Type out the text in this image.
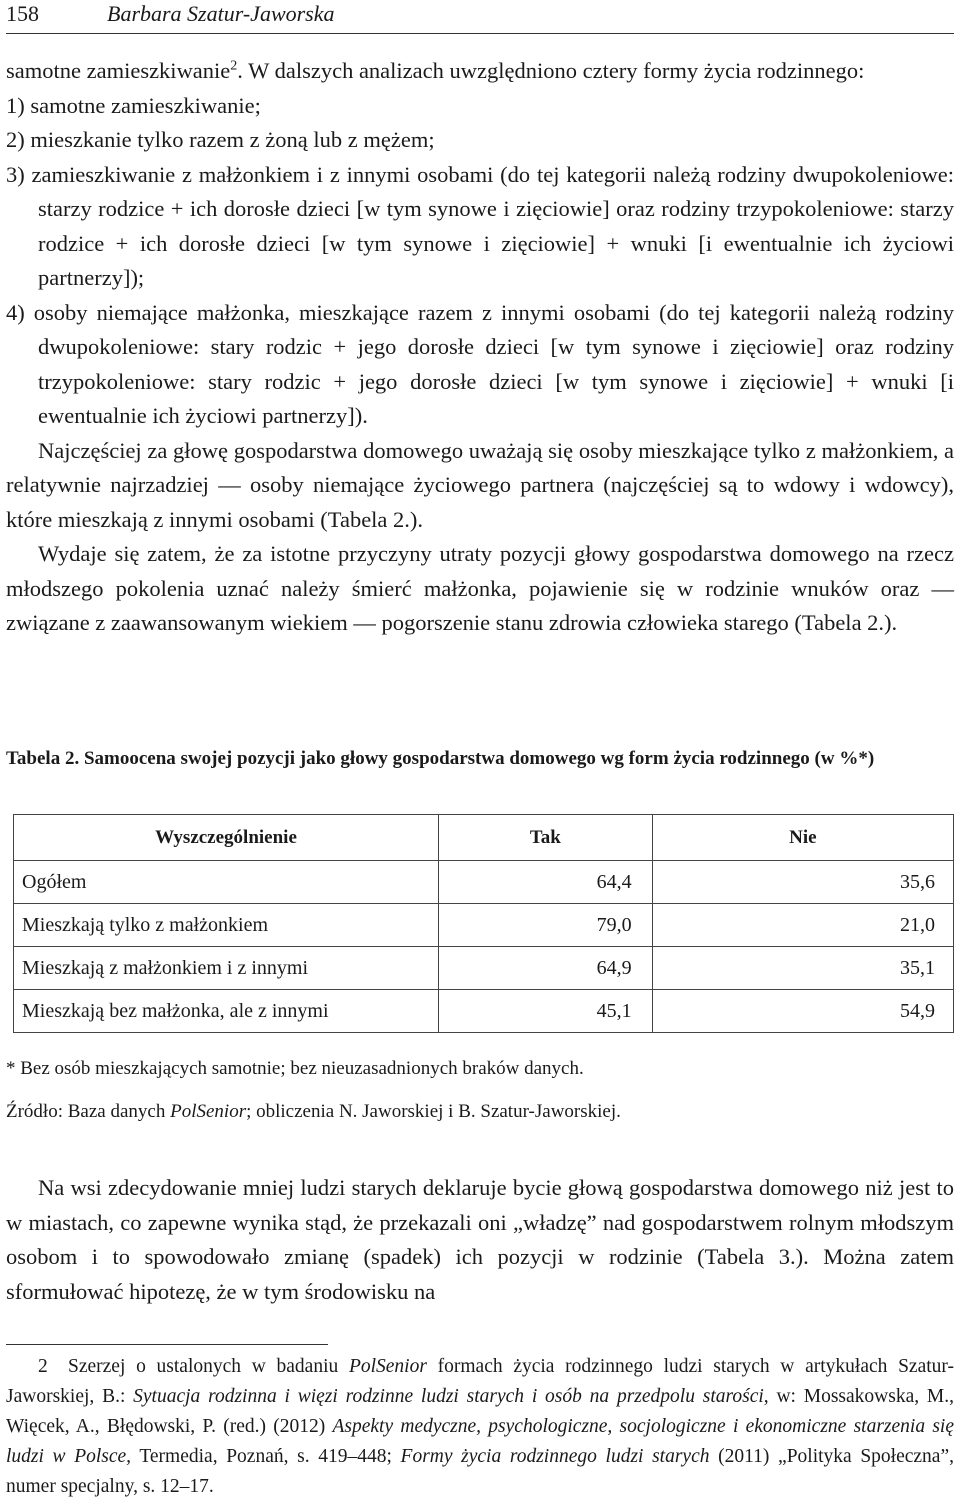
158	Barbara Szatur-Jaworska

samotne zamieszkiwanie$^2$. W dalszych analizach uwzględniono cztery formy życia rodzinnego:

1) samotne zamieszkiwanie;

2) mieszkanie tylko razem z żoną lub z mężem;

3) zamieszkiwanie z małżonkiem i z innymi osobami (do tej kategorii należą rodziny dwupokoleniowe: starzy rodzice + ich dorosłe dzieci [w tym synowe i zięciowie] oraz rodziny trzypokoleniowe: starzy rodzice + ich dorosłe dzieci [w tym synowe i zięciowie] + wnuki [i ewentualnie ich życiowi partnerzy]);

4) osoby niemające małżonka, mieszkające razem z innymi osobami (do tej kategorii należą rodziny dwupokoleniowe: stary rodzic + jego dorosłe dzieci [w tym synowe i zięciowie] oraz rodziny trzypokoleniowe: stary rodzic + jego dorosłe dzieci [w tym synowe i zięciowie] + wnuki [i ewentualnie ich życiowi partnerzy]).

Najczęściej za głowę gospodarstwa domowego uważają się osoby mieszkające tylko z małżonkiem, a relatywnie najrzadziej — osoby niemające życiowego partnera (najczęściej są to wdowy i wdowcy), które mieszkają z innymi osobami (Tabela 2.).

Wydaje się zatem, że za istotne przyczyny utraty pozycji głowy gospodarstwa domowego na rzecz młodszego pokolenia uznać należy śmierć małżonka, pojawienie się w rodzinie wnuków oraz — związane z zaawansowanym wiekiem — pogorszenie stanu zdrowia człowieka starego (Tabela 2.).

Tabela 2. Samoocena swojej pozycji jako głowy gospodarstwa domowego wg form życia rodzinnego (w %*)
Wyszczególnienie	Tak	Nie
Ogółem	64,4	35,6
Mieszkają tylko z małżonkiem	79,0	21,0
Mieszkają z małżonkiem i z innymi	64,9	35,1
Mieszkają bez małżonka, ale z innymi	45,1	54,9
* Bez osób mieszkających samotnie; bez nieuzasadnionych braków danych.
Źródło: Baza danych PolSenior; obliczenia N. Jaworskiej i B. Szatur-Jaworskiej.

Na wsi zdecydowanie mniej ludzi starych deklaruje bycie głową gospodarstwa domowego niż jest to w miastach, co zapewne wynika stąd, że przekazali oni „władzę” nad gospodarstwem rolnym młodszym osobom i to spowodowało zmianę (spadek) ich pozycji w rodzinie (Tabela 3.). Można zatem sformułować hipotezę, że w tym środowisku na

2 Szerzej o ustalonych w badaniu PolSenior formach życia rodzinnego ludzi starych w artykułach Szatur-Jaworskiej, B.: Sytuacja rodzinna i więzi rodzinne ludzi starych i osób na przedpolu starości, w: Mossakowska, M., Więcek, A., Błędowski, P. (red.) (2012) Aspekty medyczne, psychologiczne, socjologiczne i ekonomiczne starzenia się ludzi w Polsce, Termedia, Poznań, s. 419–448; Formy życia rodzinnego ludzi starych (2011) „Polityka Społeczna”, numer specjalny, s. 12–17.
